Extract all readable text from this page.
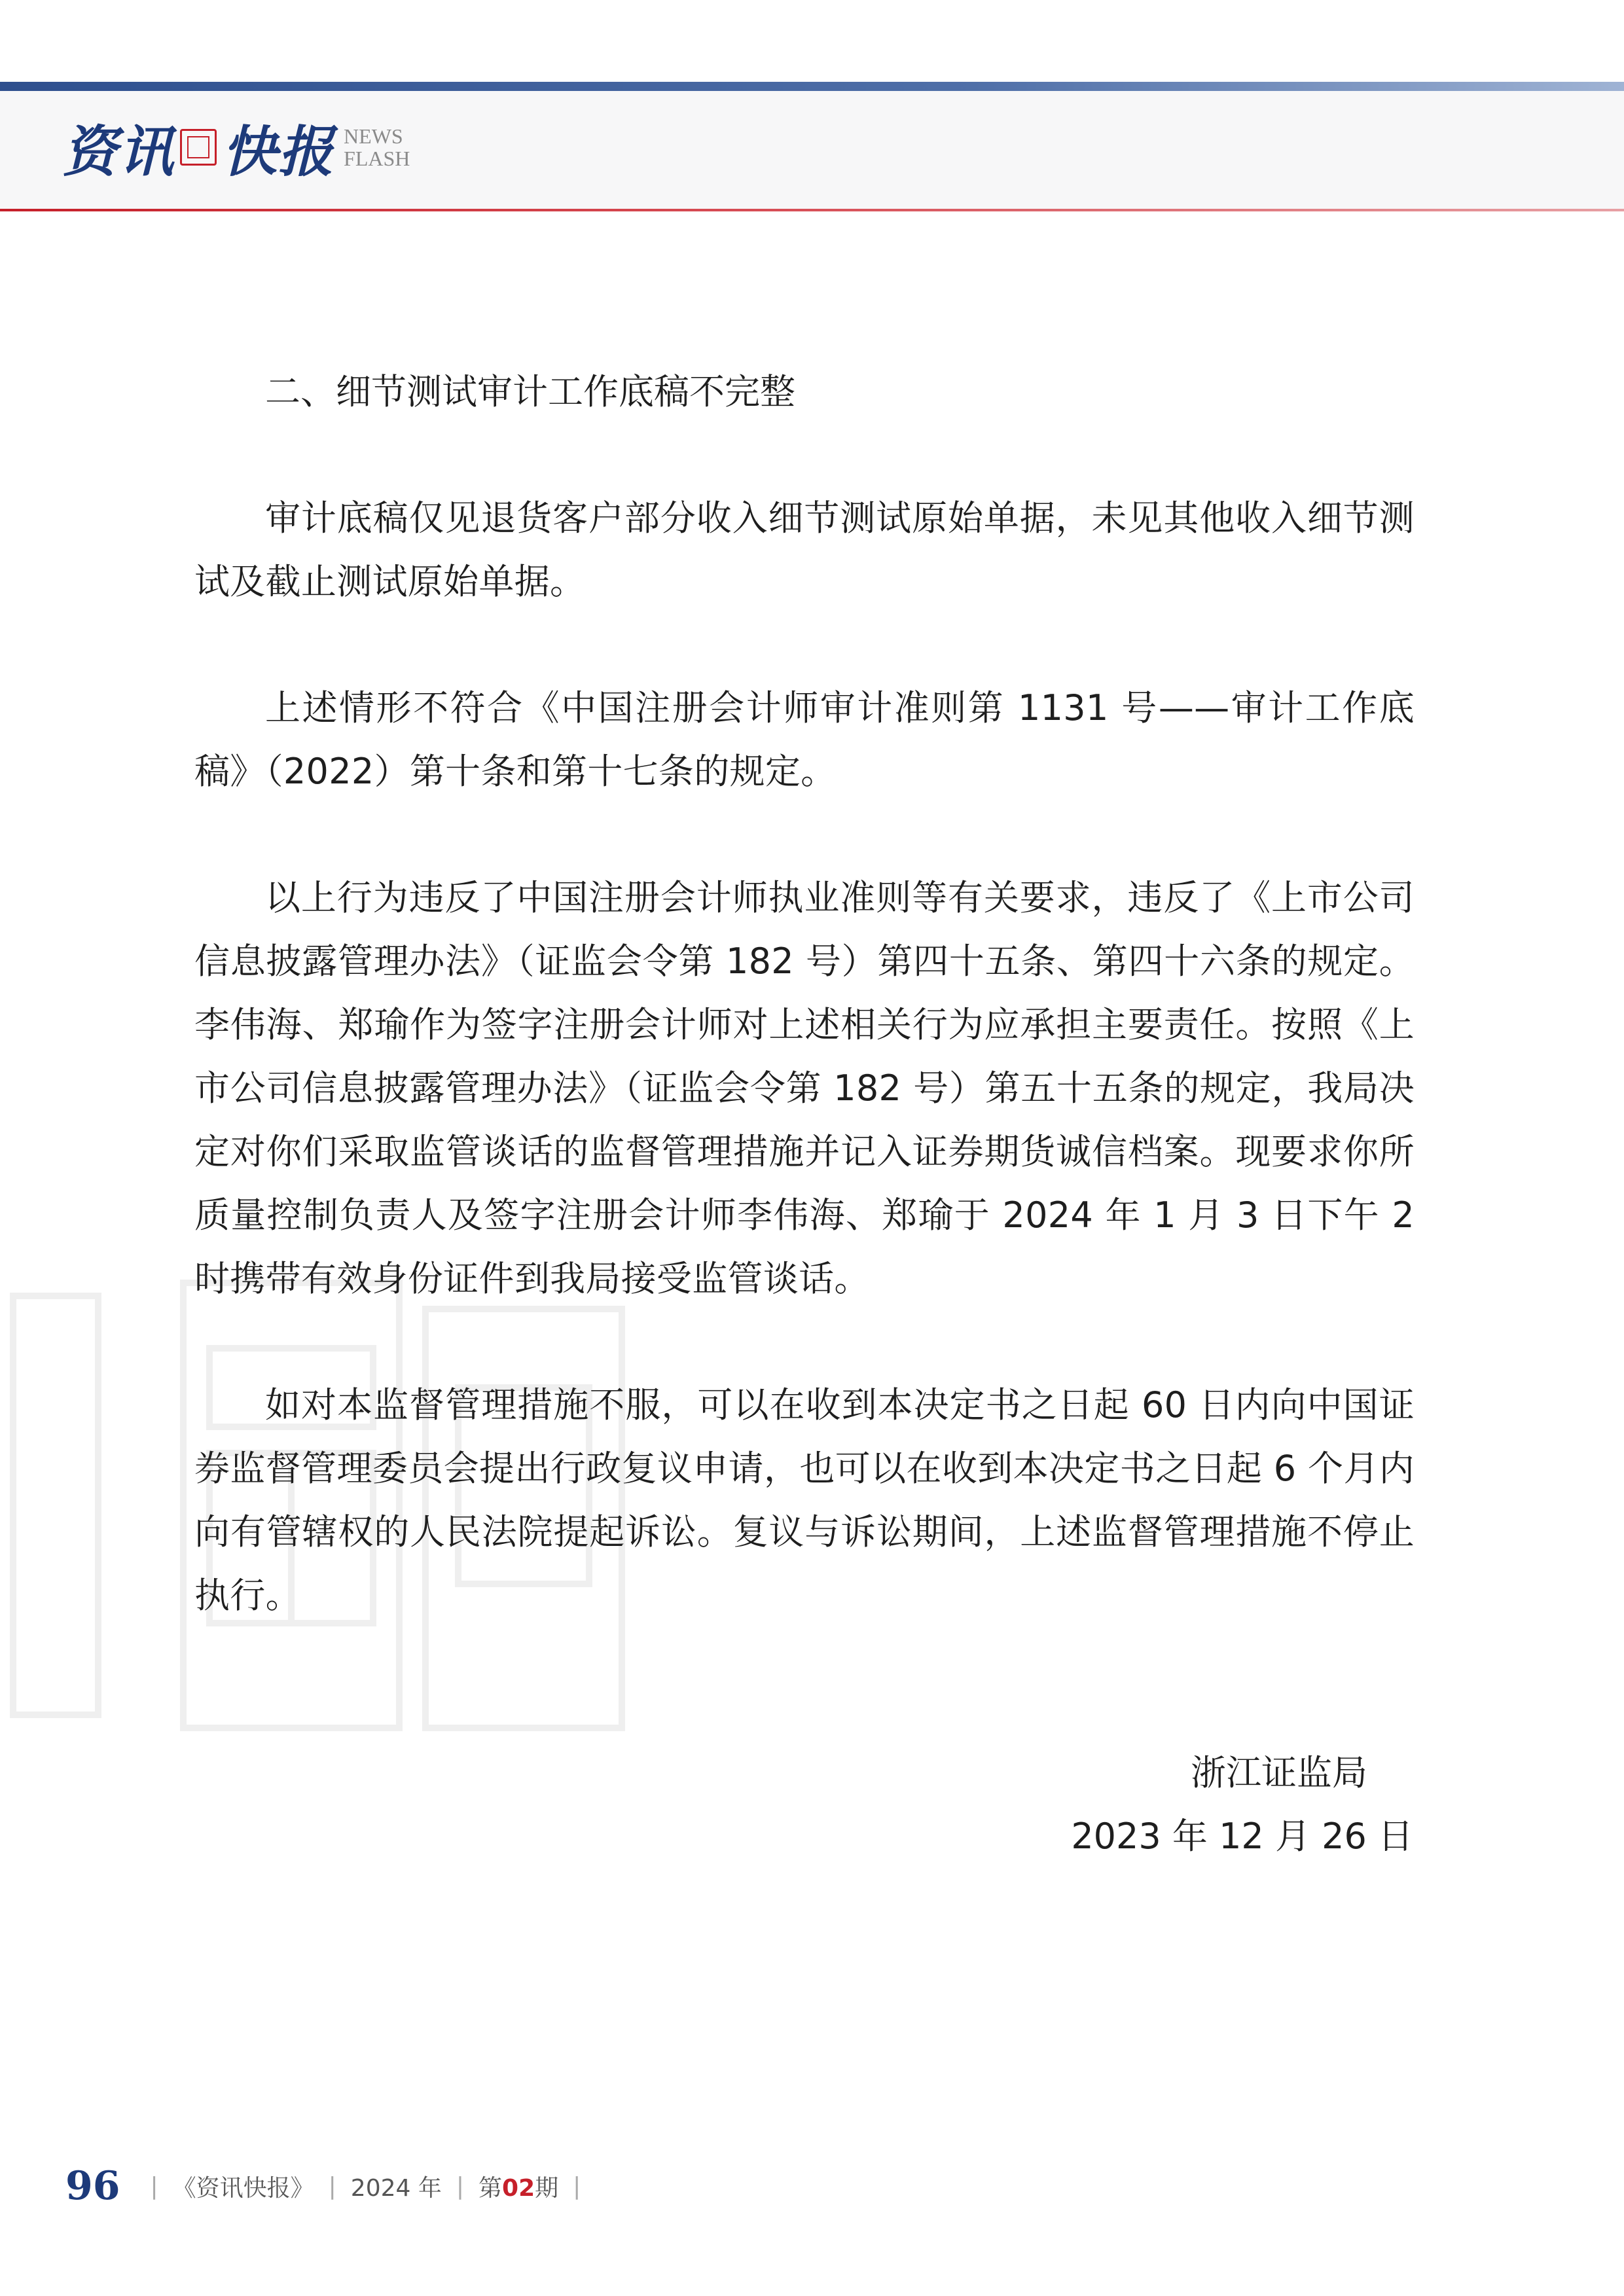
资讯 快报 NEWS
FLASH

二、细节测试审计工作底稿不完整

审计底稿仅见退货客户部分收入细节测试原始单据，未见其他收入细节测试及截止测试原始单据。

上述情形不符合《中国注册会计师审计准则第 1131 号——审计工作底稿》（2022）第十条和第十七条的规定。

以上行为违反了中国注册会计师执业准则等有关要求，违反了《上市公司信息披露管理办法》（证监会令第 182 号）第四十五条、第四十六条的规定。李伟海、郑瑜作为签字注册会计师对上述相关行为应承担主要责任。按照《上市公司信息披露管理办法》（证监会令第 182 号）第五十五条的规定，我局决定对你们采取监管谈话的监督管理措施并记入证券期货诚信档案。现要求你所质量控制负责人及签字注册会计师李伟海、郑瑜于 2024 年 1 月 3 日下午 2 时携带有效身份证件到我局接受监管谈话。

如对本监督管理措施不服，可以在收到本决定书之日起 60 日内向中国证券监督管理委员会提出行政复议申请，也可以在收到本决定书之日起 6 个月内向有管辖权的人民法院提起诉讼。复议与诉讼期间，上述监督管理措施不停止执行。

浙江证监局
2023 年 12 月 26 日
96 | 《资讯快报》 | 2024 年 | 第02期 |
